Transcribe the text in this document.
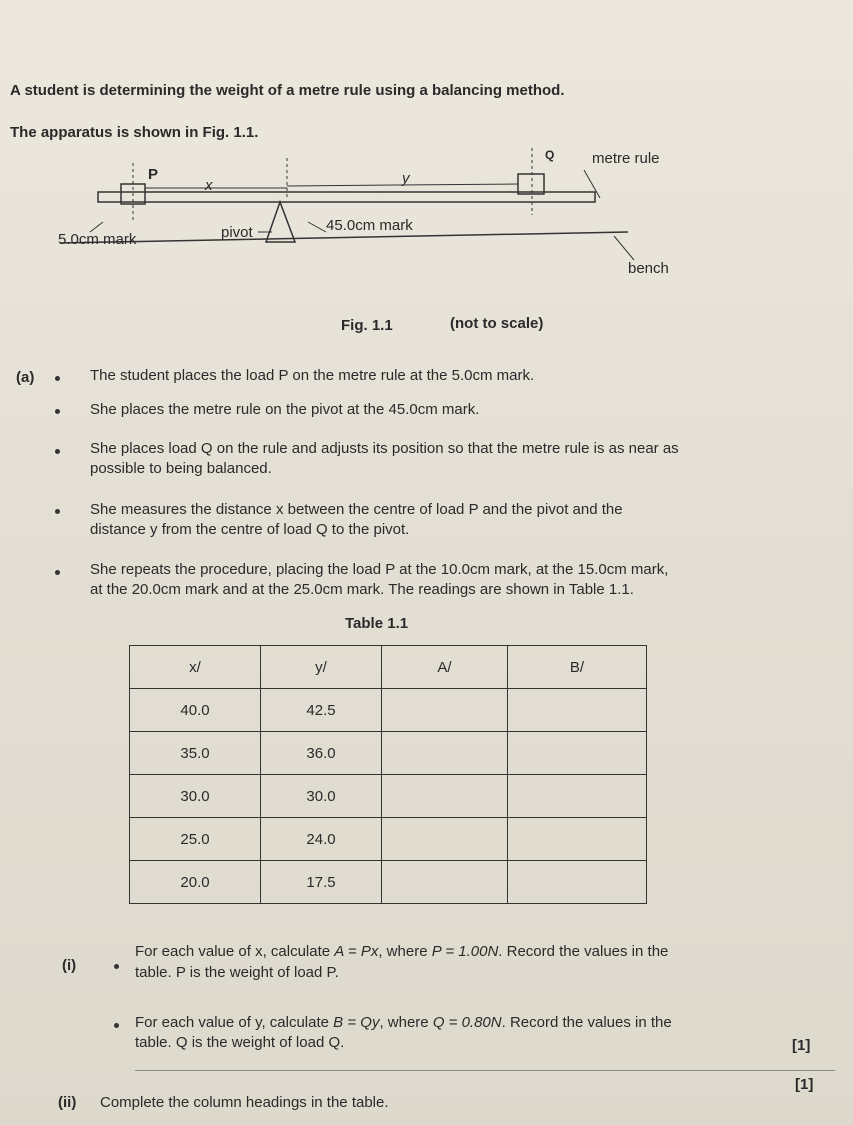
A student is determining the weight of a metre rule using a balancing method.
The apparatus is shown in Fig. 1.1.
P
Q
x	y
metre rule
5.0cm mark	pivot	45.0cm mark
bench
Fig. 1.1	(not to scale)
(a)	The student places the load P on the metre rule at the 5.0cm mark.
She places the metre rule on the pivot at the 45.0cm mark.
She places load Q on the rule and adjusts its position so that the metre rule is as near as
possible to being balanced.
She measures the distance x between the centre of load P and the pivot and the
distance y from the centre of load Q to the pivot.
She repeats the procedure, placing the load P at the 10.0cm mark, at the 15.0cm mark,
at the 20.0cm mark and at the 25.0cm mark. The readings are shown in Table 1.1.
Table 1.1
x/	y/	A/	B/
40.0	42.5		
35.0	36.0		
30.0	30.0		
25.0	24.0		
20.0	17.5		
(i)
For each value of x, calculate A = Px, where P = 1.00N. Record the values in the
table. P is the weight of load P.
For each value of y, calculate B = Qy, where Q = 0.80N. Record the values in the
table. Q is the weight of load Q.	[1]
(ii) Complete the column headings in the table.
[1]
